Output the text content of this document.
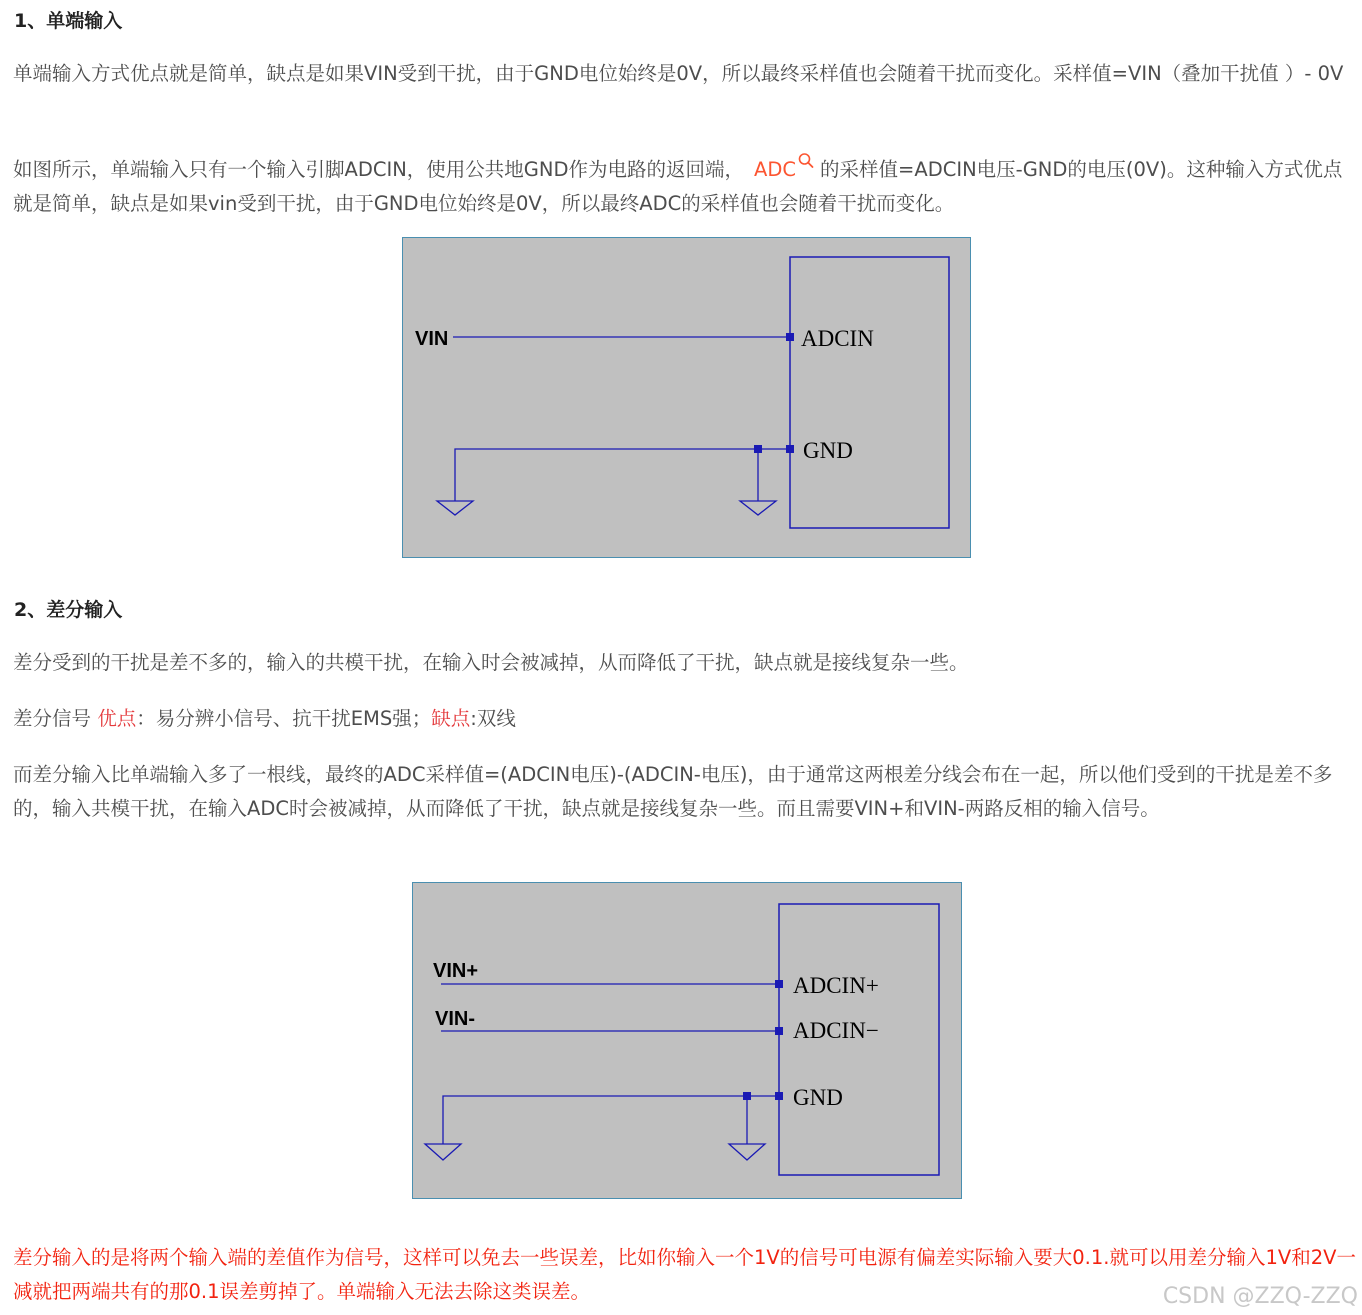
1、单端输入

单端输入方式优点就是简单，缺点是如果VIN受到干扰，由于GND电位始终是0V，所以最终采样值也会随着干扰而变化。采样值=VIN（叠加干扰值 ）- 0V

如图所示，单端输入只有一个输入引脚ADCIN，使用公共地GND作为电路的返回端， ADC 的采样值=ADCIN电压-GND的电压(0V)。这种输入方式优点就是简单，缺点是如果vin受到干扰，由于GND电位始终是0V，所以最终ADC的采样值也会随着干扰而变化。

VIN	ADCIN
GND
2、差分输入

差分受到的干扰是差不多的，输入的共模干扰，在输入时会被减掉，从而降低了干扰，缺点就是接线复杂一些。

差分信号 优点：易分辨小信号、抗干扰EMS强；缺点:双线

而差分输入比单端输入多了一根线，最终的ADC采样值=(ADCIN电压)-(ADCIN-电压)，由于通常这两根差分线会布在一起，所以他们受到的干扰是差不多的，输入共模干扰，在输入ADC时会被减掉，从而降低了干扰，缺点就是接线复杂一些。而且需要VIN+和VIN-两路反相的输入信号。

VIN+
ADCIN+
VIN-	ADCIN−
GND

差分输入的是将两个输入端的差值作为信号，这样可以免去一些误差，比如你输入一个1V的信号可电源有偏差实际输入要大0.1.就可以用差分输入1V和2V一减就把两端共有的那0.1误差剪掉了。单端输入无法去除这类误差。	CSDN @ZZQ-ZZQ
